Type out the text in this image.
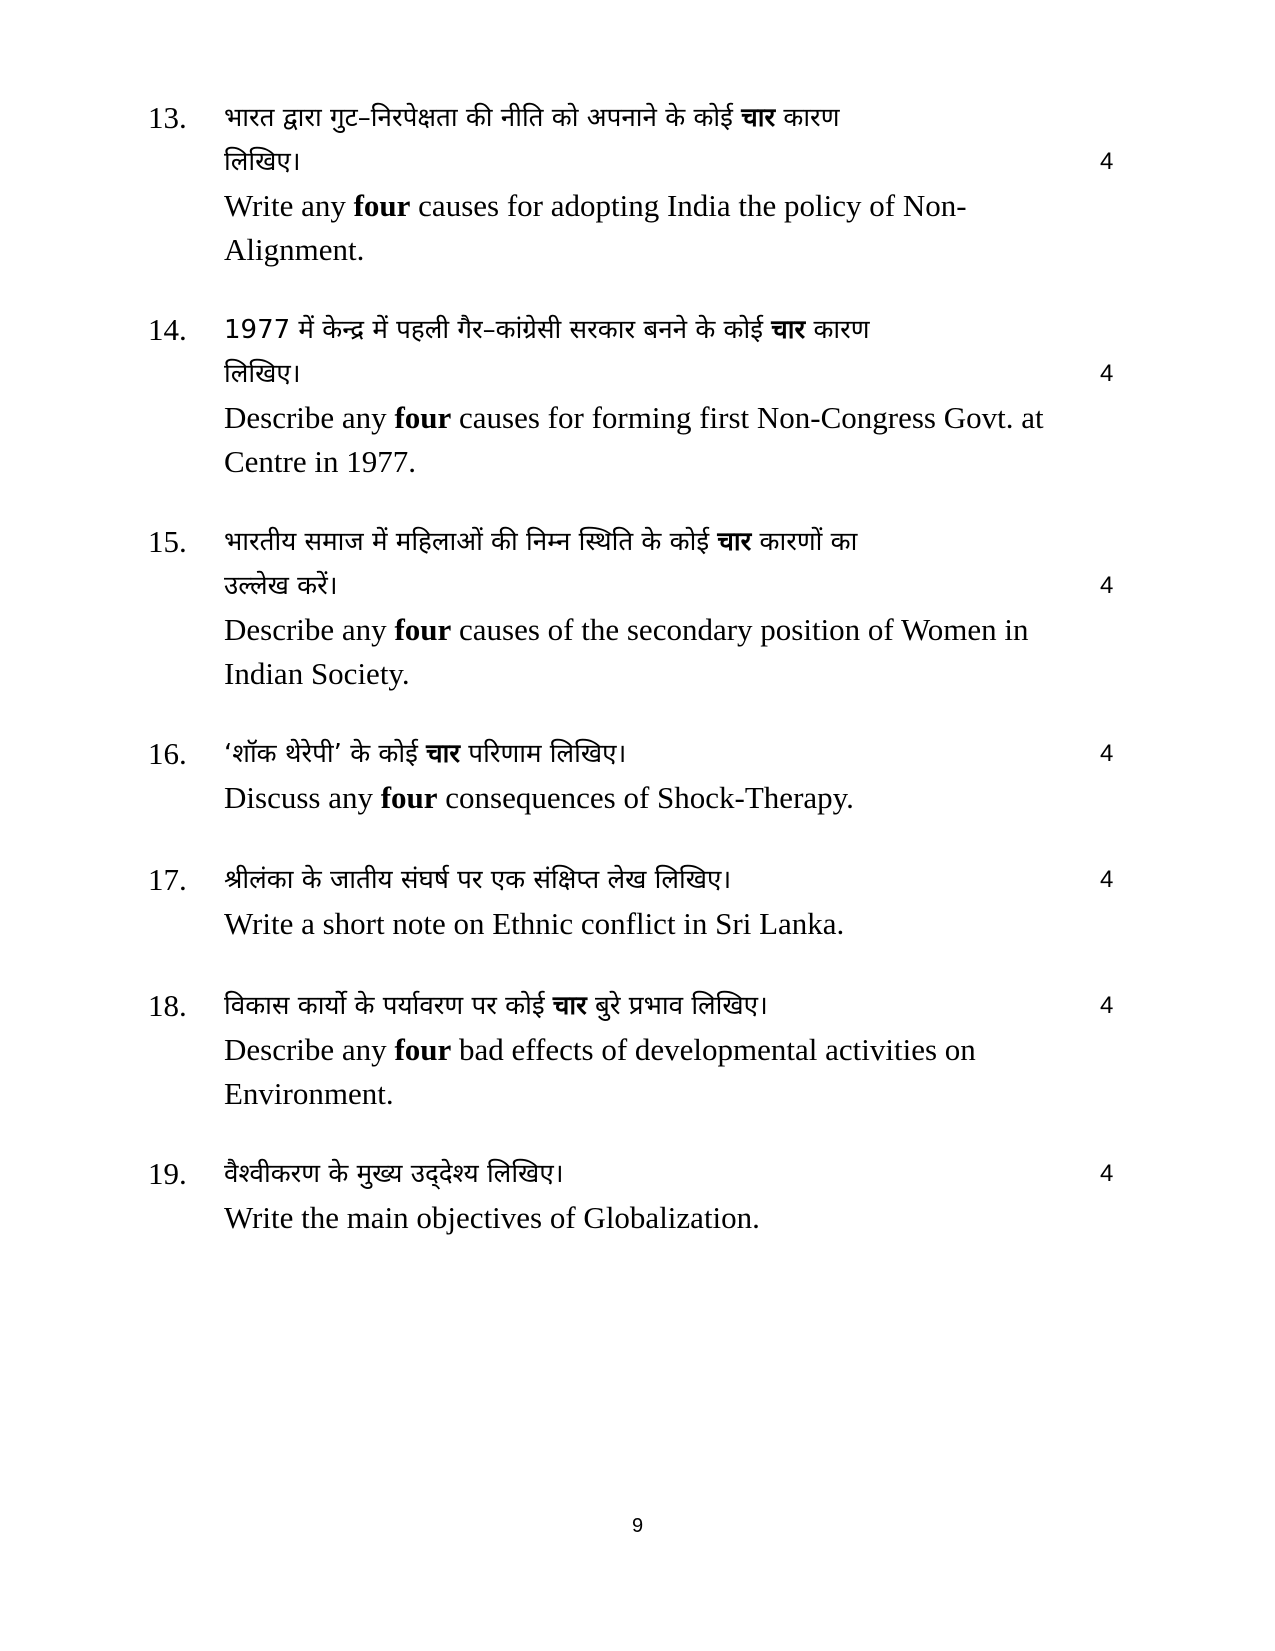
13. भारत द्वारा गुट–निरपेक्षता की नीति को अपनाने के कोई चार कारण

लिखिए।

Write any four causes for adopting India the policy of Non-Alignment.

4
14. 1977 में केन्द्र में पहली गैर–कांग्रेसी सरकार बनने के कोई चार कारण

लिखिए।

Describe any four causes for forming first Non-Congress Govt. at Centre in 1977.

4
15. भारतीय समाज में महिलाओं की निम्न स्थिति के कोई चार कारणों का

उल्लेख करें।

Describe any four causes of the secondary position of Women in Indian Society.

4
16. ‘शॉक थेरेपी’ के कोई चार परिणाम लिखिए।

Discuss any four consequences of Shock-Therapy.

4
17. श्रीलंका के जातीय संघर्ष पर एक संक्षिप्त लेख लिखिए।

Write a short note on Ethnic conflict in Sri Lanka.

4
18. विकास कार्यो के पर्यावरण पर कोई चार बुरे प्रभाव लिखिए।

Describe any four bad effects of developmental activities on Environment.

4
19. वैश्वीकरण के मुख्य उद्‌देश्य लिखिए।

Write the main objectives of Globalization.

4
9
